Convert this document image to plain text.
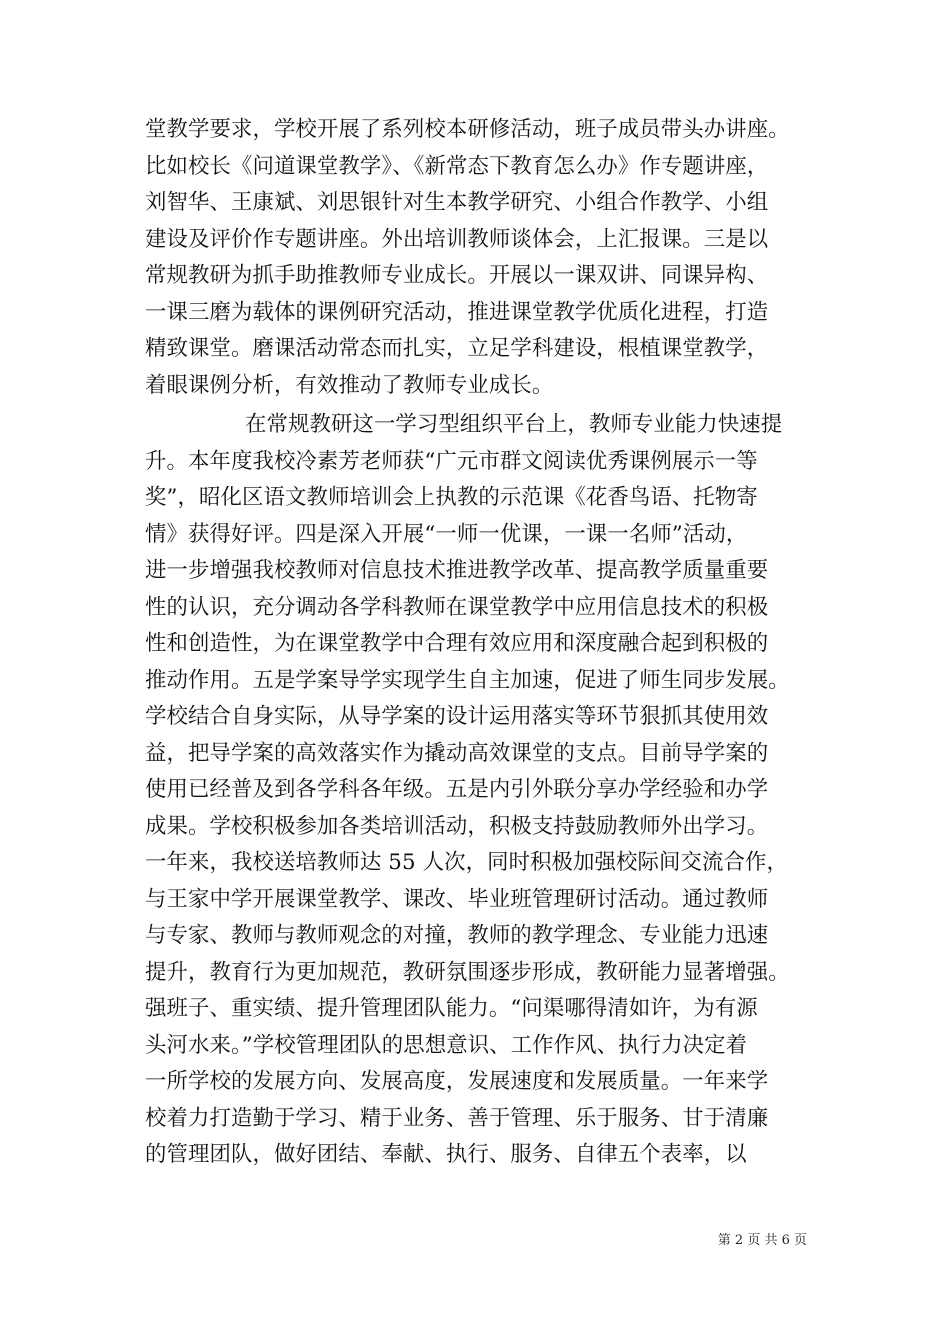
堂教学要求，学校开展了系列校本研修活动，班子成员带头办讲座。
比如校长《问道课堂教学》、《新常态下教育怎么办》作专题讲座，
刘智华、王康斌、刘思银针对生本教学研究、小组合作教学、小组
建设及评价作专题讲座。外出培训教师谈体会，上汇报课。三是以
常规教研为抓手助推教师专业成长。开展以一课双讲、同课异构、
一课三磨为载体的课例研究活动，推进课堂教学优质化进程，打造
精致课堂。磨课活动常态而扎实，立足学科建设，根植课堂教学，
着眼课例分析，有效推动了教师专业成长。
在常规教研这一学习型组织平台上，教师专业能力快速提
升。本年度我校冷素芳老师获“广元市群文阅读优秀课例展示一等
奖”，昭化区语文教师培训会上执教的示范课《花香鸟语、托物寄
情》获得好评。四是深入开展“一师一优课，一课一名师”活动，
进一步增强我校教师对信息技术推进教学改革、提高教学质量重要
性的认识，充分调动各学科教师在课堂教学中应用信息技术的积极
性和创造性，为在课堂教学中合理有效应用和深度融合起到积极的
推动作用。五是学案导学实现学生自主加速，促进了师生同步发展。
学校结合自身实际，从导学案的设计运用落实等环节狠抓其使用效
益，把导学案的高效落实作为撬动高效课堂的支点。目前导学案的
使用已经普及到各学科各年级。五是内引外联分享办学经验和办学
成果。学校积极参加各类培训活动，积极支持鼓励教师外出学习。
一年来，我校送培教师达 55 人次，同时积极加强校际间交流合作，
与王家中学开展课堂教学、课改、毕业班管理研讨活动。通过教师
与专家、教师与教师观念的对撞，教师的教学理念、专业能力迅速
提升，教育行为更加规范，教研氛围逐步形成，教研能力显著增强。
强班子、重实绩、提升管理团队能力。“问渠哪得清如许，为有源
头河水来。”学校管理团队的思想意识、工作作风、执行力决定着
一所学校的发展方向、发展高度，发展速度和发展质量。一年来学
校着力打造勤于学习、精于业务、善于管理、乐于服务、甘于清廉
的管理团队，做好团结、奉献、执行、服务、自律五个表率，以
第 2 页 共 6 页
